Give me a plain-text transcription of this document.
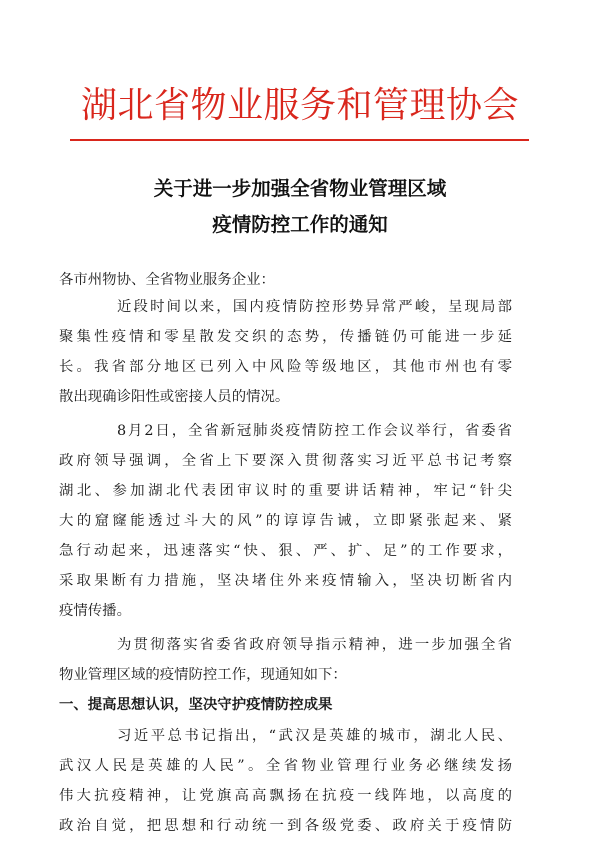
湖北省物业服务和管理协会
关于进一步加强全省物业管理区域
疫情防控工作的通知
各市州物协、全省物业服务企业：
近段时间以来，国内疫情防控形势异常严峻，呈现局部
聚集性疫情和零星散发交织的态势，传播链仍可能进一步延
长。我省部分地区已列入中风险等级地区，其他市州也有零
散出现确诊阳性或密接人员的情况。
8月2日，全省新冠肺炎疫情防控工作会议举行，省委省
政府领导强调，全省上下要深入贯彻落实习近平总书记考察
湖北、参加湖北代表团审议时的重要讲话精神，牢记“针尖
大的窟窿能透过斗大的风”的谆谆告诫，立即紧张起来、紧
急行动起来，迅速落实“快、狠、严、扩、足”的工作要求，
采取果断有力措施，坚决堵住外来疫情输入，坚决切断省内
疫情传播。
为贯彻落实省委省政府领导指示精神，进一步加强全省
物业管理区域的疫情防控工作，现通知如下：
一、提高思想认识，坚决守护疫情防控成果
习近平总书记指出，“武汉是英雄的城市，湖北人民、
武汉人民是英雄的人民”。全省物业管理行业务必继续发扬
伟大抗疫精神，让党旗高高飘扬在抗疫一线阵地，以高度的
政治自觉，把思想和行动统一到各级党委、政府关于疫情防
